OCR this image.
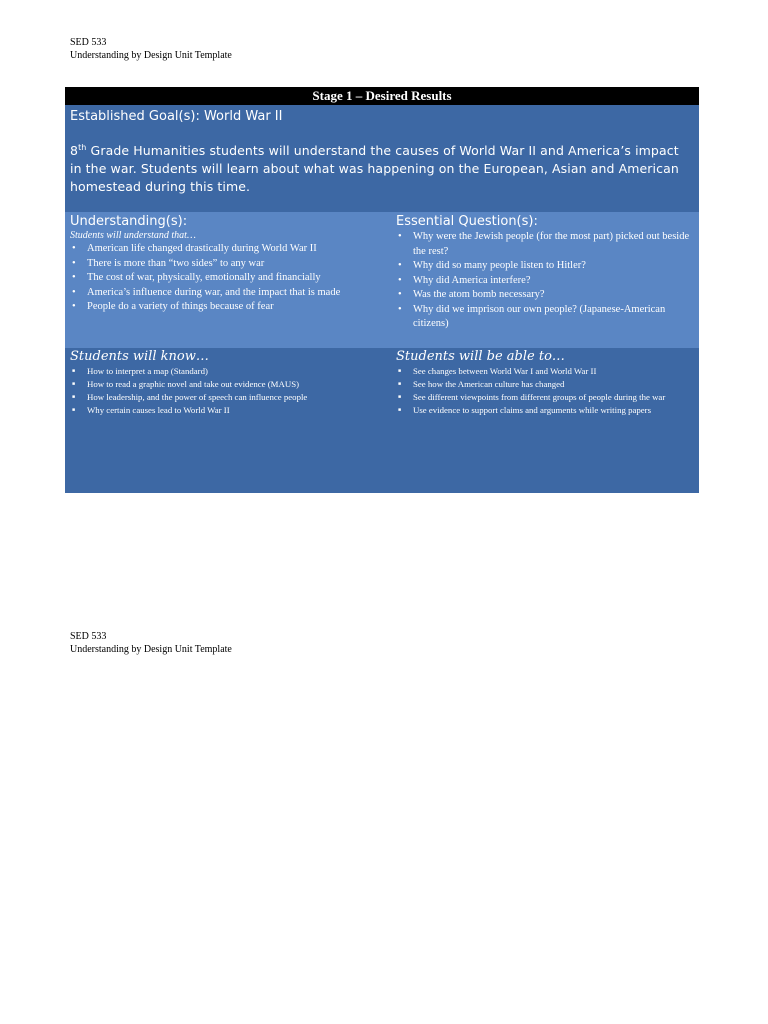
SED 533
Understanding by Design Unit Template
Stage 1 – Desired Results
Established Goal(s): World War II
8th Grade Humanities students will understand the causes of World War II and America’s impact in the war. Students will learn about what was happening on the European, Asian and American homestead during this time.
Understanding(s):
Students will understand that…
• American life changed drastically during World War II
• There is more than “two sides” to any war
• The cost of war, physically, emotionally and financially
• America’s influence during war, and the impact that is made
• People do a variety of things because of fear
Essential Question(s):
• Why were the Jewish people (for the most part) picked out beside the rest?
• Why did so many people listen to Hitler?
• Why did America interfere?
• Was the atom bomb necessary?
• Why did we imprison our own people? (Japanese-American citizens)
Students will know…
■ How to interpret a map (Standard)
■ How to read a graphic novel and take out evidence (MAUS)
■ How leadership, and the power of speech can influence people
■ Why certain causes lead to World War II
Students will be able to…
■ See changes between World War I and World War II
■ See how the American culture has changed
■ See different viewpoints from different groups of people during the war
■ Use evidence to support claims and arguments while writing papers
SED 533
Understanding by Design Unit Template
